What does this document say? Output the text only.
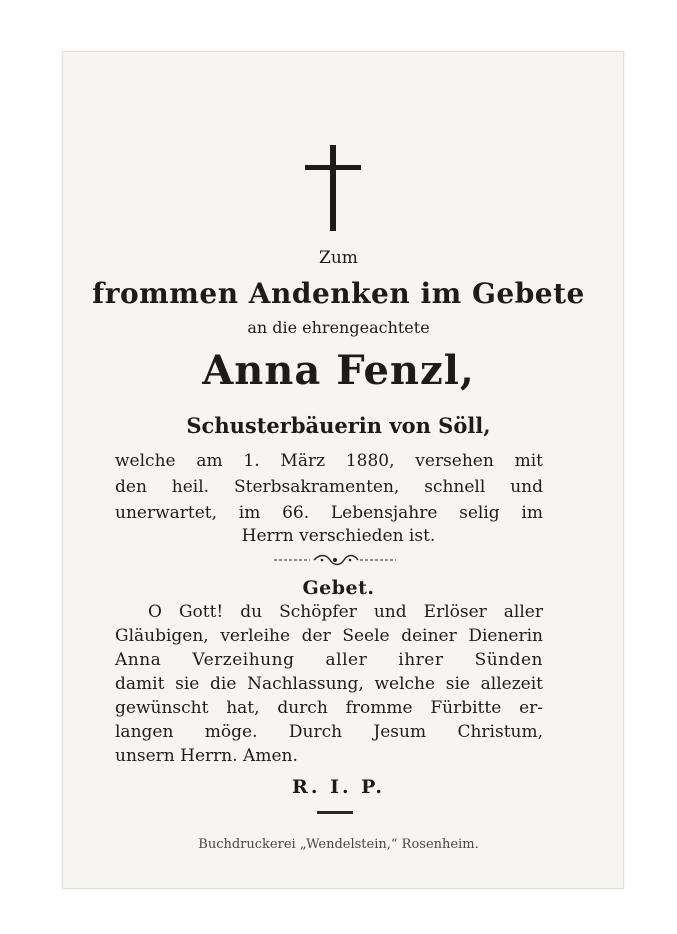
Zum
frommen Andenken im Gebete
an die ehrengeachtete
Anna Fenzl,
Schusterbäuerin von Söll,
welche am 1. März 1880, versehen mit
den heil. Sterbsakramenten, schnell und
unerwartet, im 66. Lebensjahre selig im
Herrn verschieden ist.
Gebet.
O Gott! du Schöpfer und Erlöser aller
Gläubigen, verleihe der Seele deiner Dienerin
Anna Verzeihung aller ihrer Sünden
damit sie die Nachlassung, welche sie allezeit
gewünscht hat, durch fromme Fürbitte er-
langen möge. Durch Jesum Christum,
unsern Herrn. Amen.
R. I. P.
Buchdruckerei „Wendelstein,“ Rosenheim.
